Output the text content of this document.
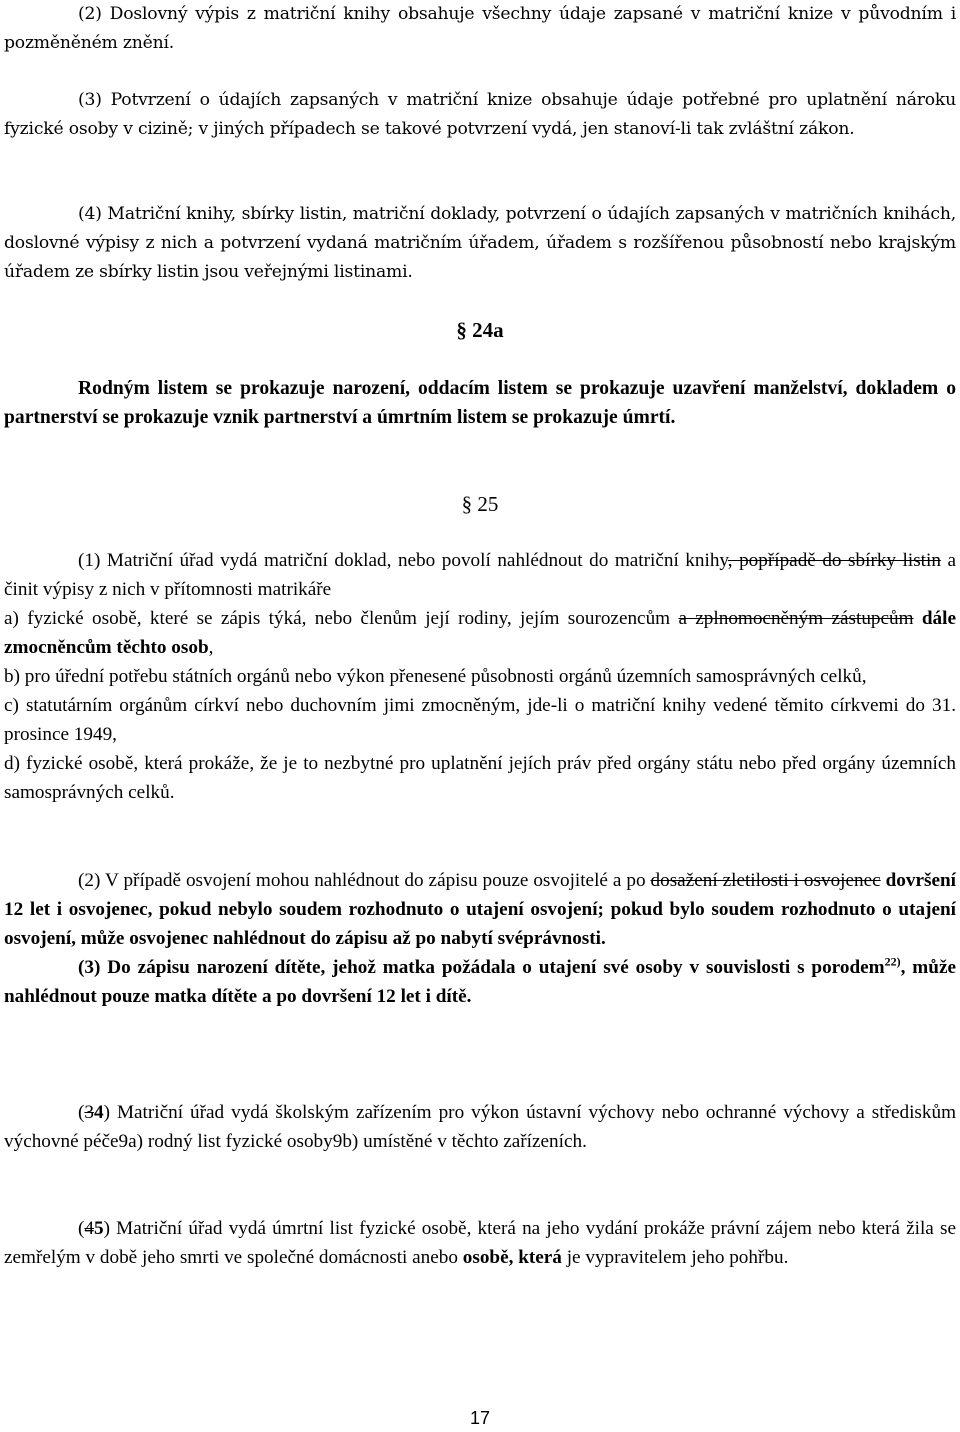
(2) Doslovný výpis z matriční knihy obsahuje všechny údaje zapsané v matriční knize v původním i pozměněném znění.

(3) Potvrzení o údajích zapsaných v matriční knize obsahuje údaje potřebné pro uplatnění nároku fyzické osoby v cizině; v jiných případech se takové potvrzení vydá, jen stanoví-li tak zvláštní zákon.

(4) Matriční knihy, sbírky listin, matriční doklady, potvrzení o údajích zapsaných v matričních knihách, doslovné výpisy z nich a potvrzení vydaná matričním úřadem, úřadem s rozšířenou působností nebo krajským úřadem ze sbírky listin jsou veřejnými listinami.

§ 24a

Rodným listem se prokazuje narození, oddacím listem se prokazuje uzavření manželství, dokladem o partnerství se prokazuje vznik partnerství a úmrtním listem se prokazuje úmrtí.

§ 25

(1) Matriční úřad vydá matriční doklad, nebo povolí nahlédnout do matriční knihy, popřípadě do sbírky listin a činit výpisy z nich v přítomnosti matrikáře

a) fyzické osobě, které se zápis týká, nebo členům její rodiny, jejím sourozencům a zplnomocněným zástupcům dále zmocněncům těchto osob,

b) pro úřední potřebu státních orgánů nebo výkon přenesené působnosti orgánů územních samosprávných celků,

c) statutárním orgánům církví nebo duchovním jimi zmocněným, jde-li o matriční knihy vedené těmito církvemi do 31. prosince 1949,

d) fyzické osobě, která prokáže, že je to nezbytné pro uplatnění jejích práv před orgány státu nebo před orgány územních samosprávných celků.

(2) V případě osvojení mohou nahlédnout do zápisu pouze osvojitelé a po dosažení zletilosti i osvojenec dovršení 12 let i osvojenec, pokud nebylo soudem rozhodnuto o utajení osvojení; pokud bylo soudem rozhodnuto o utajení osvojení, může osvojenec nahlédnout do zápisu až po nabytí svéprávnosti.

(3) Do zápisu narození dítěte, jehož matka požádala o utajení své osoby v souvislosti s porodem$^{22)}$, může nahlédnout pouze matka dítěte a po dovršení 12 let i dítě.

(34) Matriční úřad vydá školským zařízením pro výkon ústavní výchovy nebo ochranné výchovy a střediskům výchovné péče9a) rodný list fyzické osoby9b) umístěné v těchto zařízeních.

(45) Matriční úřad vydá úmrtní list fyzické osobě, která na jeho vydání prokáže právní zájem nebo která žila se zemřelým v době jeho smrti ve společné domácnosti anebo osobě, která je vypravitelem jeho pohřbu.

17
